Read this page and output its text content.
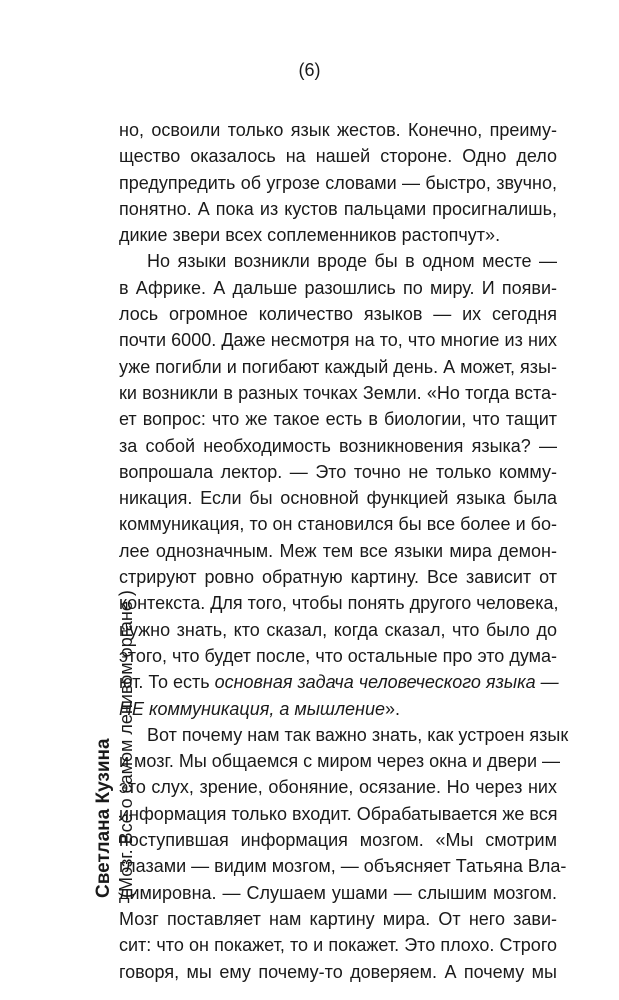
(6)
Светлана Кузина (Мозг. Всё о самом ленивом органе )

но, освоили только язык жестов. Конечно, преиму-
щество оказалось на нашей стороне. Одно дело
предупредить об угрозе словами — быстро, звучно,
понятно. А пока из кустов пальцами просигналишь,
дикие звери всех соплеменников растопчут».

Но языки возникли вроде бы в одном месте —
в Африке. А дальше разошлись по миру. И появи-
лось огромное количество языков — их сегодня
почти 6000. Даже несмотря на то, что многие из них
уже погибли и погибают каждый день. А может, язы-
ки возникли в разных точках Земли. «Но тогда вста-
ет вопрос: что же такое есть в биологии, что тащит
за собой необходимость возникновения языка? —
вопрошала лектор. — Это точно не только комму-
никация. Если бы основной функцией языка была
коммуникация, то он становился бы все более и бо-
лее однозначным. Меж тем все языки мира демон-
стрируют ровно обратную картину. Все зависит от
контекста. Для того, чтобы понять другого человека,
нужно знать, кто сказал, когда сказал, что было до
этого, что будет после, что остальные про это дума-
ют. То есть основная задача человеческого языка —
НЕ коммуникация, а мышление».

Вот почему нам так важно знать, как устроен язык
и мозг. Мы общаемся с миром через окна и двери —
это слух, зрение, обоняние, осязание. Но через них
информация только входит. Обрабатывается же вся
поступившая информация мозгом. «Мы смотрим
глазами — видим мозгом, — объясняет Татьяна Вла-
димировна. — Слушаем ушами — слышим мозгом.
Мозг поставляет нам картину мира. От него зави-
сит: что он покажет, то и покажет. Это плохо. Строго
говоря, мы ему почему-то доверяем. А почему мы
